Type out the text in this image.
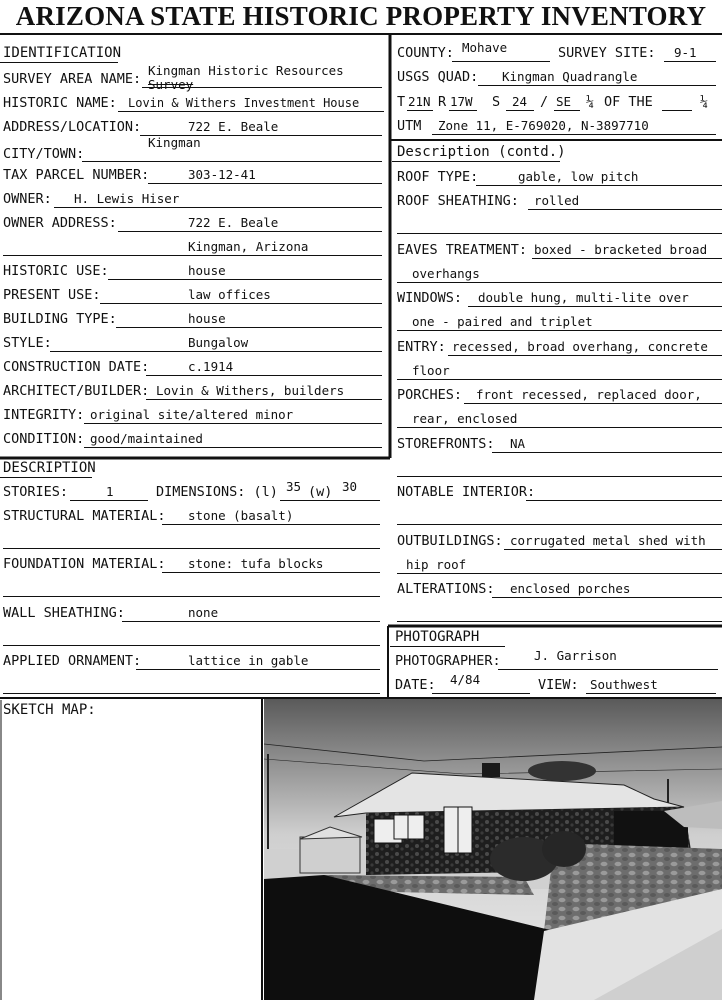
ARIZONA STATE HISTORIC PROPERTY INVENTORY
IDENTIFICATION
SURVEY AREA NAME:
Kingman Historic Resources
Survey
HISTORIC NAME: Lovin & Withers Investment House
ADDRESS/LOCATION:	722 E. Beale
CITY/TOWN:
Kingman
TAX PARCEL NUMBER:	303-12-41
OWNER: H. Lewis Hiser
OWNER ADDRESS:	722 E. Beale
Kingman, Arizona
HISTORIC USE:	house
PRESENT USE:	law offices
BUILDING TYPE:	house
STYLE:	Bungalow
CONSTRUCTION DATE:	c.1914
ARCHITECT/BUILDER: Lovin & Withers, builders
INTEGRITY: original site/altered minor
CONDITION: good/maintained
COUNTY: Mohave	SURVEY SITE: 9-1
USGS QUAD: Kingman Quadrangle
T 21N R 17W S 24 / SE ¼ OF THE	¼
UTM Zone 11, E-769020, N-3897710
Description (contd.)
ROOF TYPE:	gable, low pitch
ROOF SHEATHING: rolled
EAVES TREATMENT: boxed - bracketed broad
overhangs
WINDOWS: double hung, multi-lite over
one - paired and triplet
ENTRY: recessed, broad overhang, concrete
floor
PORCHES: front recessed, replaced door,
rear, enclosed
STOREFRONTS: NA
NOTABLE INTERIOR:
OUTBUILDINGS: corrugated metal shed with
hip roof
ALTERATIONS: enclosed porches
DESCRIPTION
STORIES:	1	DIMENSIONS: (l) 35 (w) 30
STRUCTURAL MATERIAL: stone (basalt)
FOUNDATION MATERIAL: stone: tufa blocks
WALL SHEATHING:	none
APPLIED ORNAMENT:	lattice in gable
PHOTOGRAPH
PHOTOGRAPHER:	J. Garrison
DATE: 4/84	VIEW: Southwest
SKETCH MAP:
